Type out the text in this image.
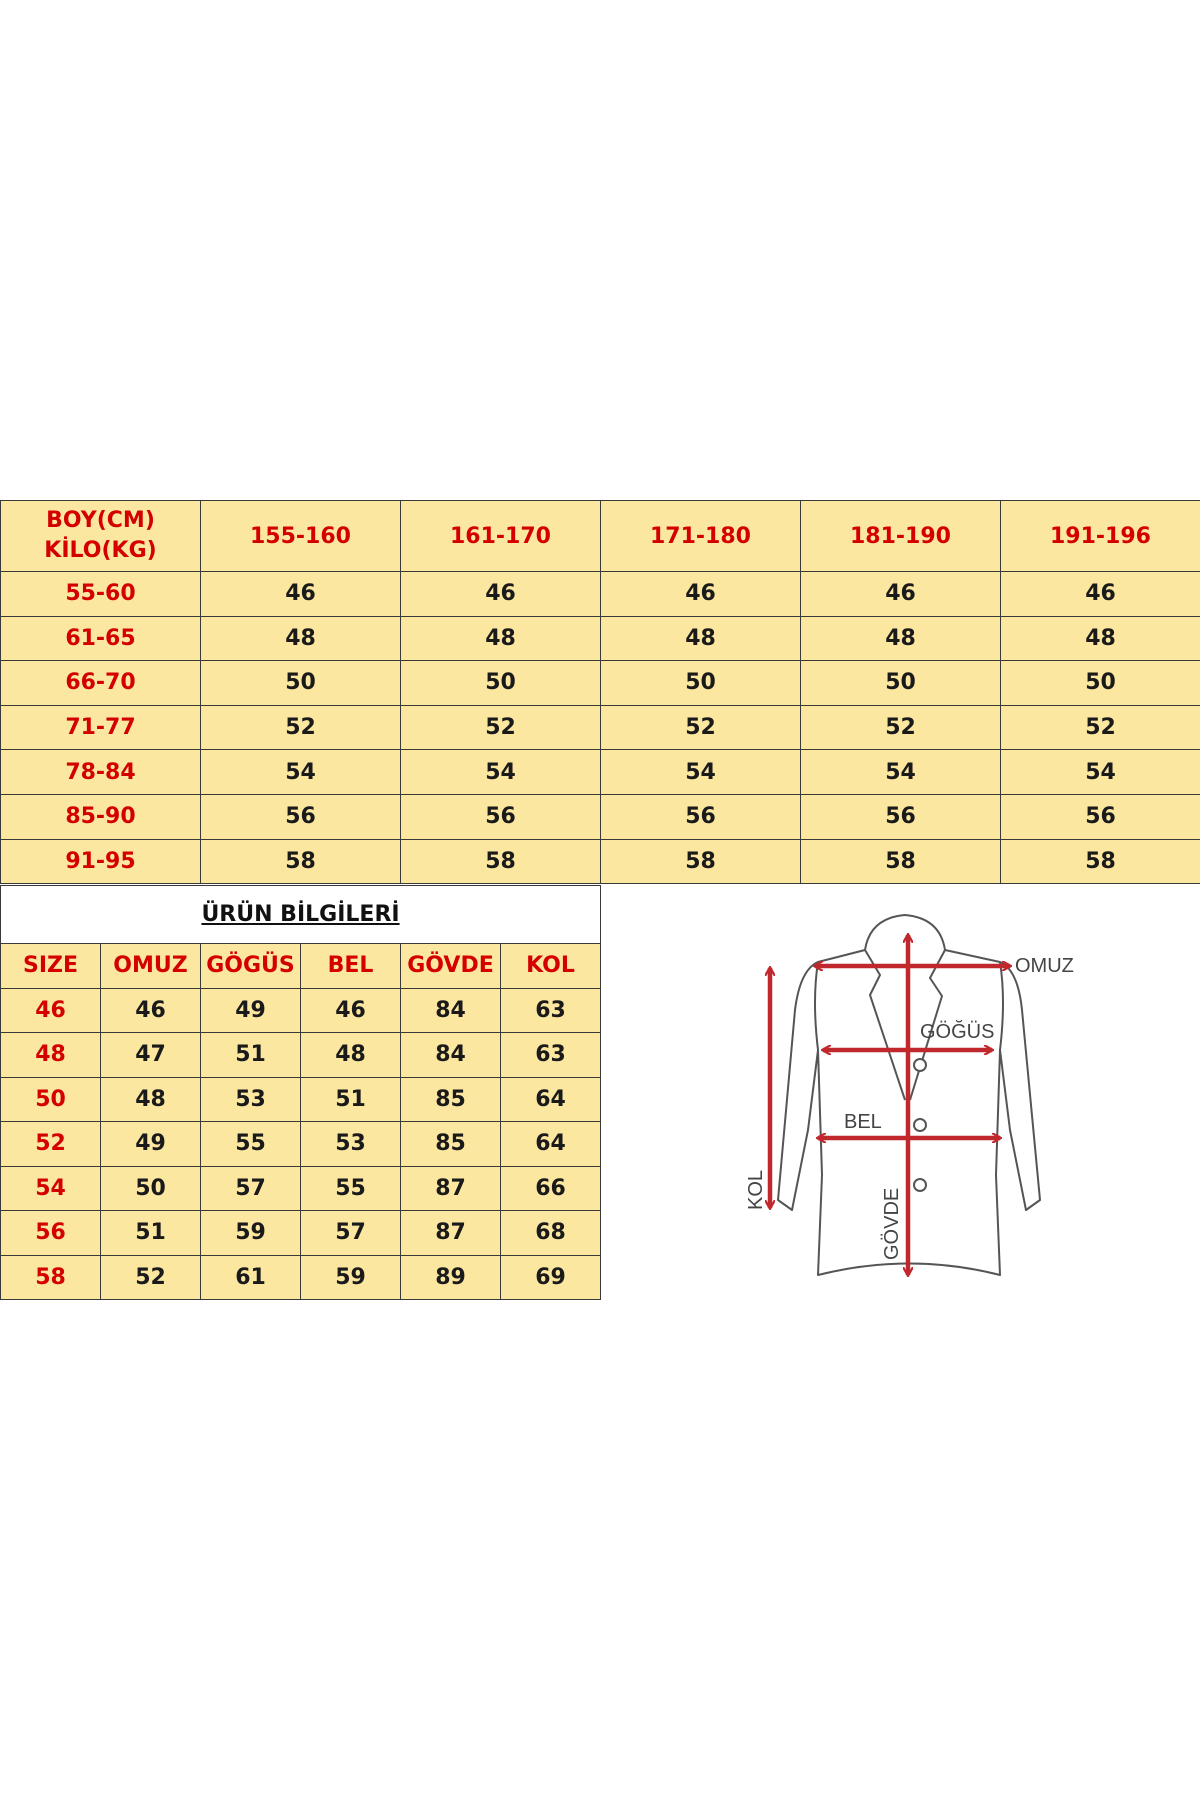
BOY(CM)
KİLO(KG)	155-160	161-170	171-180	181-190	191-196
55-60	46	46	46	46	46
61-65	48	48	48	48	48
66-70	50	50	50	50	50
71-77	52	52	52	52	52
78-84	54	54	54	54	54
85-90	56	56	56	56	56
91-95	58	58	58	58	58
ÜRÜN BİLGİLERİ					
SIZE	OMUZ	GÖGÜS	BEL	GÖVDE	KOL
46	46	49	46	84	63
48	47	51	48	84	63
50	48	53	51	85	64
52	49	55	53	85	64
54	50	57	55	87	66
56	51	59	57	87	68
58	52	61	59	89	69
OMUZ
GÖĞÜS
BEL
KOL	GÖVDE
